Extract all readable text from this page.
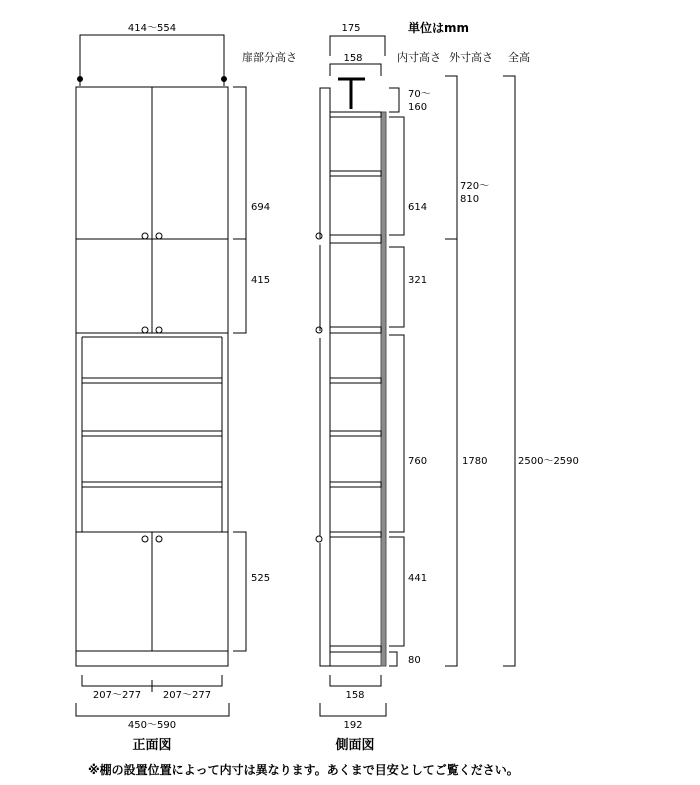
414〜554
694
415
525
207〜277 207〜277
450〜590
正面図
175
158
70〜 160
614
321
760
441
80
720〜 810
1780	2500〜2590
158
192
側面図
単位はmm
扉部分高さ	内寸高さ 外寸高さ 全高
※棚の設置位置によって内寸は異なります。あくまで目安としてご覧ください。
